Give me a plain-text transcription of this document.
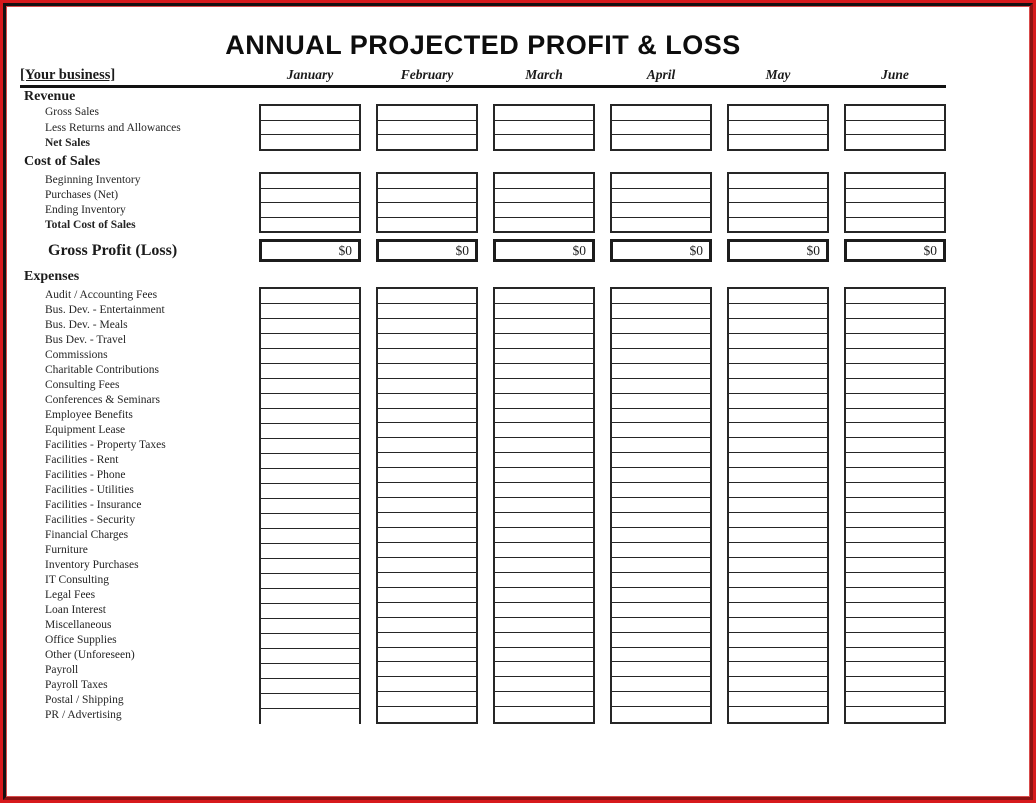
ANNUAL PROJECTED PROFIT & LOSS
[Your business]	January	February	March	April	May	June
Revenue
Gross Sales
Less Returns and Allowances
Net Sales
Cost of Sales
Beginning Inventory
Purchases (Net)
Ending Inventory
Total Cost of Sales
Gross Profit (Loss)	$0	$0	$0	$0	$0	$0
Expenses
Audit / Accounting Fees
Bus. Dev. - Entertainment
Bus. Dev. - Meals
Bus Dev. - Travel
Commissions
Charitable Contributions
Consulting Fees
Conferences & Seminars
Employee Benefits
Equipment Lease
Facilities - Property Taxes
Facilities - Rent
Facilities - Phone
Facilities - Utilities
Facilities - Insurance
Facilities - Security
Financial Charges
Furniture
Inventory Purchases
IT Consulting
Legal Fees
Loan Interest
Miscellaneous
Office Supplies
Other (Unforeseen)
Payroll
Payroll Taxes
Postal / Shipping
PR / Advertising
